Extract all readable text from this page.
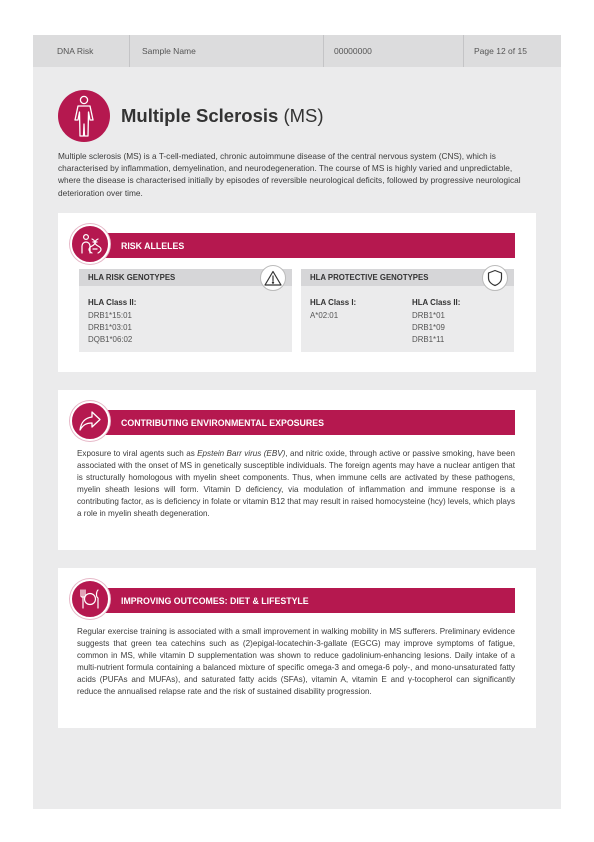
DNA Risk	Sample Name	00000000	Page 12 of 15
Multiple Sclerosis (MS)
Multiple sclerosis (MS) is a T-cell-mediated, chronic autoimmune disease of the central nervous system (CNS), which is characterised by inflammation, demyelination, and neurodegeneration. The course of MS is highly varied and unpredictable, where the disease is characterised initially by episodes of reversible neurological deficits, followed by progressive neurological deterioration over time.
RISK ALLELES
HLA RISK GENOTYPES
HLA Class II:
DRB1*15:01
DRB1*03:01
DQB1*06:02
HLA PROTECTIVE GENOTYPES
HLA Class I:
A*02:01
HLA Class II:
DRB1*01
DRB1*09
DRB1*11
CONTRIBUTING ENVIRONMENTAL EXPOSURES
Exposure to viral agents such as Epstein Barr virus (EBV), and nitric oxide, through active or passive smoking, have been associated with the onset of MS in genetically susceptible individuals. The foreign agents may have a nuclear antigen that is structurally homologous with myelin sheet components. Thus, when immune cells are activated by these pathogens, myelin sheath lesions will form. Vitamin D deficiency, via modulation of inflammation and immune response is a contributing factor, as is deficiency in folate or vitamin B12 that may result in raised homocysteine (hcy) levels, which plays a role in myelin sheath degeneration.
IMPROVING OUTCOMES: DIET & LIFESTYLE
Regular exercise training is associated with a small improvement in walking mobility in MS sufferers. Preliminary evidence suggests that green tea catechins such as (2)epigal-locatechin-3-gallate (EGCG) may improve symptoms of fatigue, common in MS, while vitamin D supplementation was shown to reduce gadolinium-enhancing lesions. Daily intake of a multi-nutrient formula containing a balanced mixture of specific omega-3 and omega-6 poly-, and mono-unsaturated fatty acids (PUFAs and MUFAs), and saturated fatty acids (SFAs), vitamin A, vitamin E and γ-tocopherol can significantly reduce the annualised relapse rate and the risk of sustained disability progression.
